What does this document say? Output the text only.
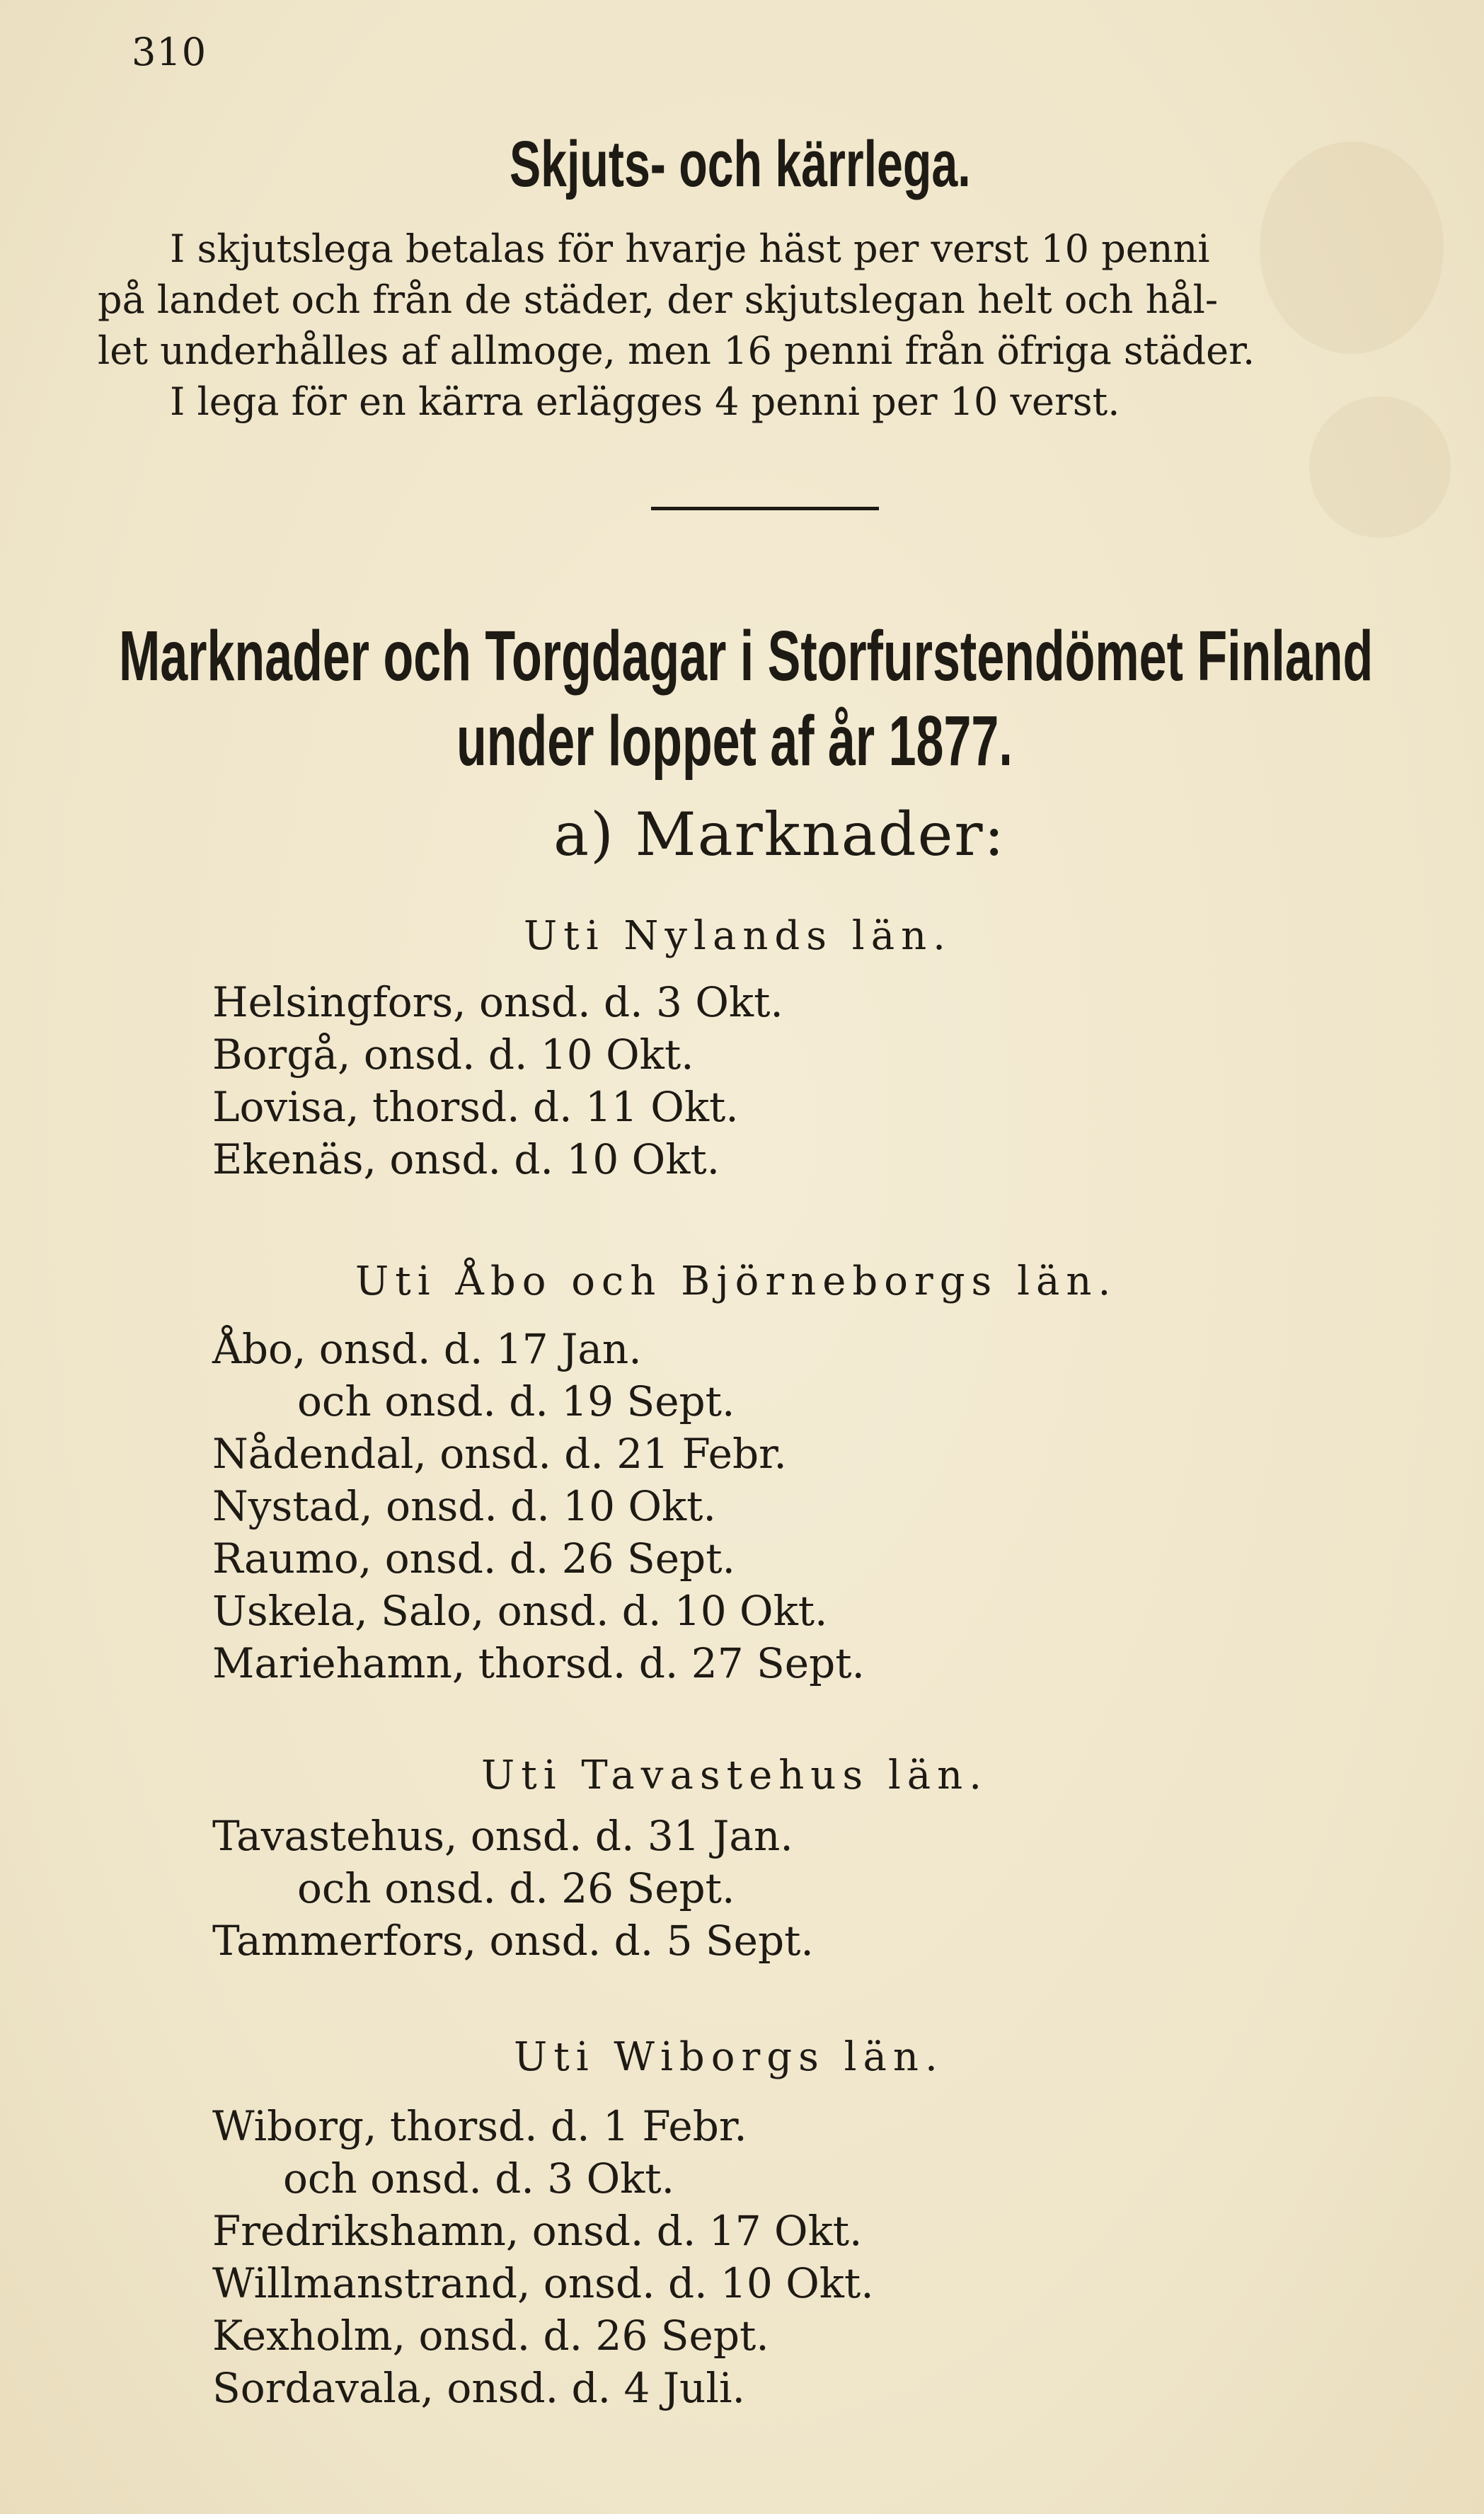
310
Skjuts- och kärrlega.
I skjutslega betalas för hvarje häst per verst 10 penni
på landet och från de städer, der skjutslegan helt och hål-
let underhålles af allmoge, men 16 penni från öfriga städer.
I lega för en kärra erlägges 4 penni per 10 verst.
Marknader och Torgdagar i Storfurstendömet Finland
under loppet af år 1877.
a) Marknader:
Uti Nylands län.
Helsingfors, onsd. d. 3 Okt.
Borgå, onsd. d. 10 Okt.
Lovisa, thorsd. d. 11 Okt.
Ekenäs, onsd. d. 10 Okt.
Uti Åbo och Björneborgs län.
Åbo, onsd. d. 17 Jan.
och onsd. d. 19 Sept.
Nådendal, onsd. d. 21 Febr.
Nystad, onsd. d. 10 Okt.
Raumo, onsd. d. 26 Sept.
Uskela, Salo, onsd. d. 10 Okt.
Mariehamn, thorsd. d. 27 Sept.
Uti Tavastehus län.
Tavastehus, onsd. d. 31 Jan.
och onsd. d. 26 Sept.
Tammerfors, onsd. d. 5 Sept.
Uti Wiborgs län.
Wiborg, thorsd. d. 1 Febr.
och onsd. d. 3 Okt.
Fredrikshamn, onsd. d. 17 Okt.
Willmanstrand, onsd. d. 10 Okt.
Kexholm, onsd. d. 26 Sept.
Sordavala, onsd. d. 4 Juli.
